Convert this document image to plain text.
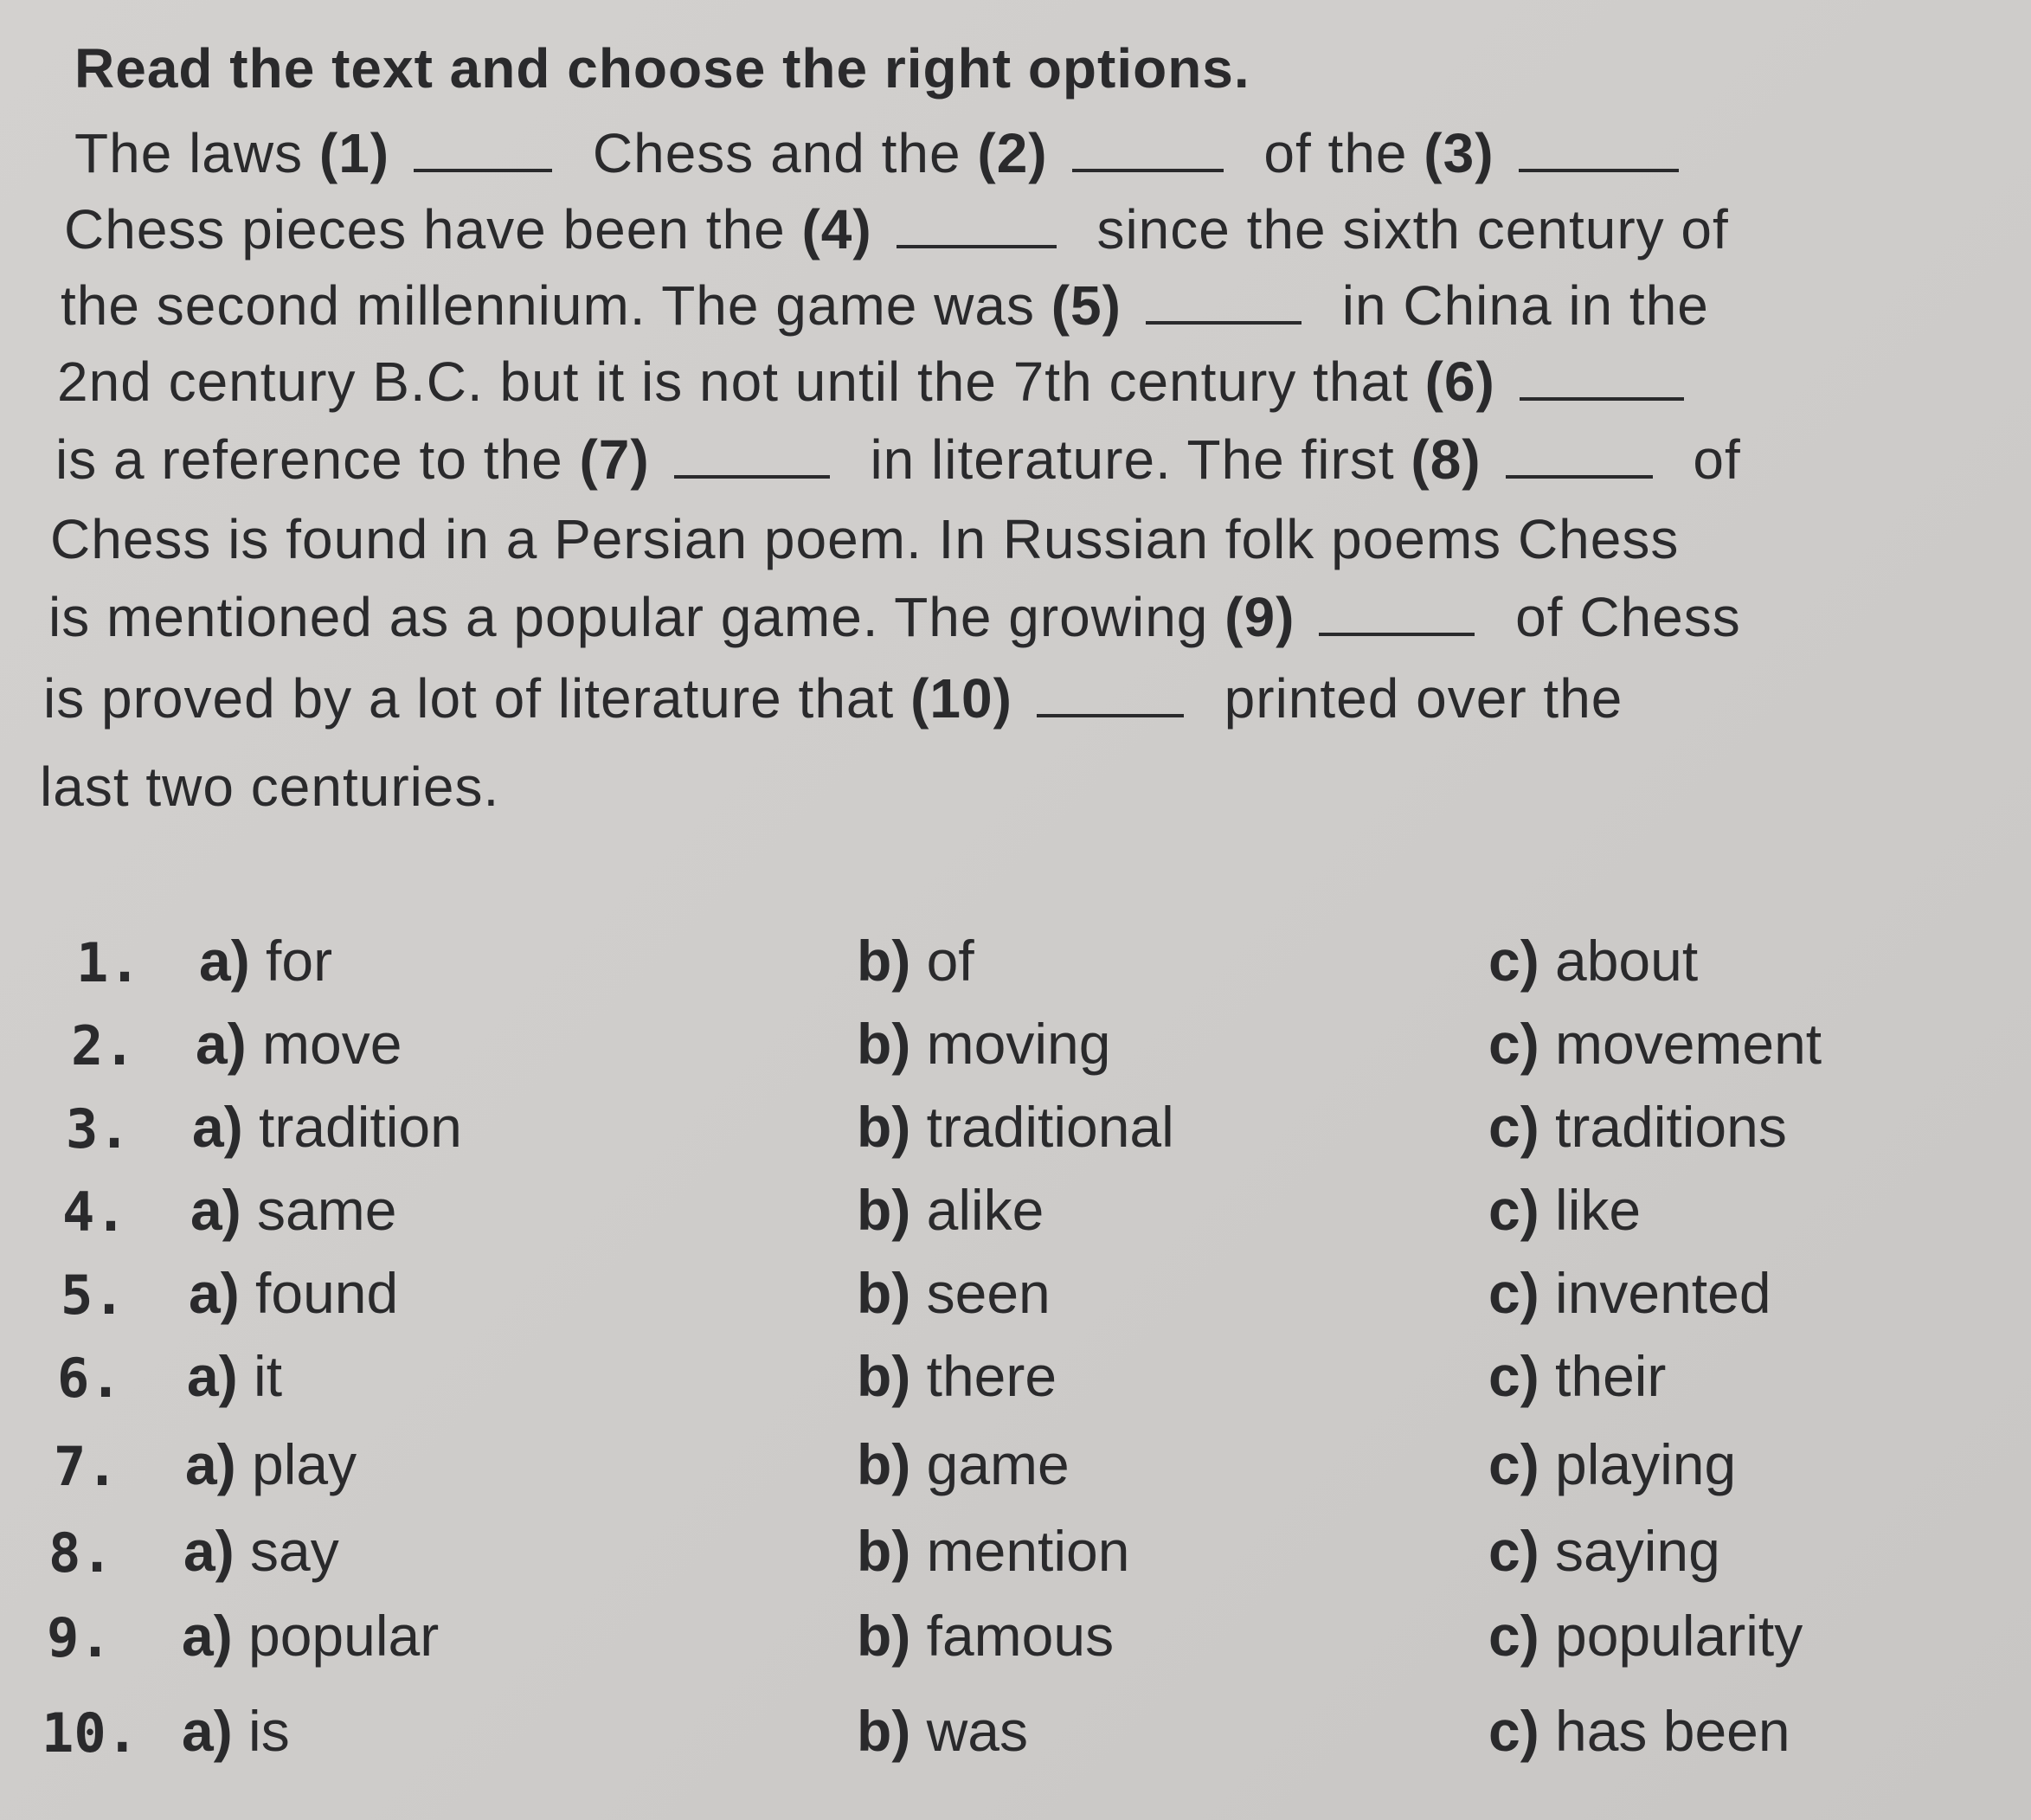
Read the text and choose the right options.
The laws (1)	Chess and the (2)	of the (3)
Chess pieces have been the (4)	since the sixth century of
the second millennium. The game was (5)	in China in the
2nd century B.C. but it is not until the 7th century that (6)
is a reference to the (7)	in literature. The first (8)	of
Chess is found in a Persian poem. In Russian folk poems Chess
is mentioned as a popular game. The growing (9)	of Chess
is proved by a lot of literature that (10)	printed over the
last two centuries.
1. a) for	b) of	c) about
2. a) move	b) moving	c) movement
3. a) tradition	b) traditional	c) traditions
4. a) same	b) alike	c) like
5. a) found	b) seen	c) invented
6. a) it	b) there	c) their
7. a) play	b) game	c) playing
8. a) say	b) mention	c) saying
9. a) popular	b) famous	c) popularity
10. a) is	b) was	c) has been
